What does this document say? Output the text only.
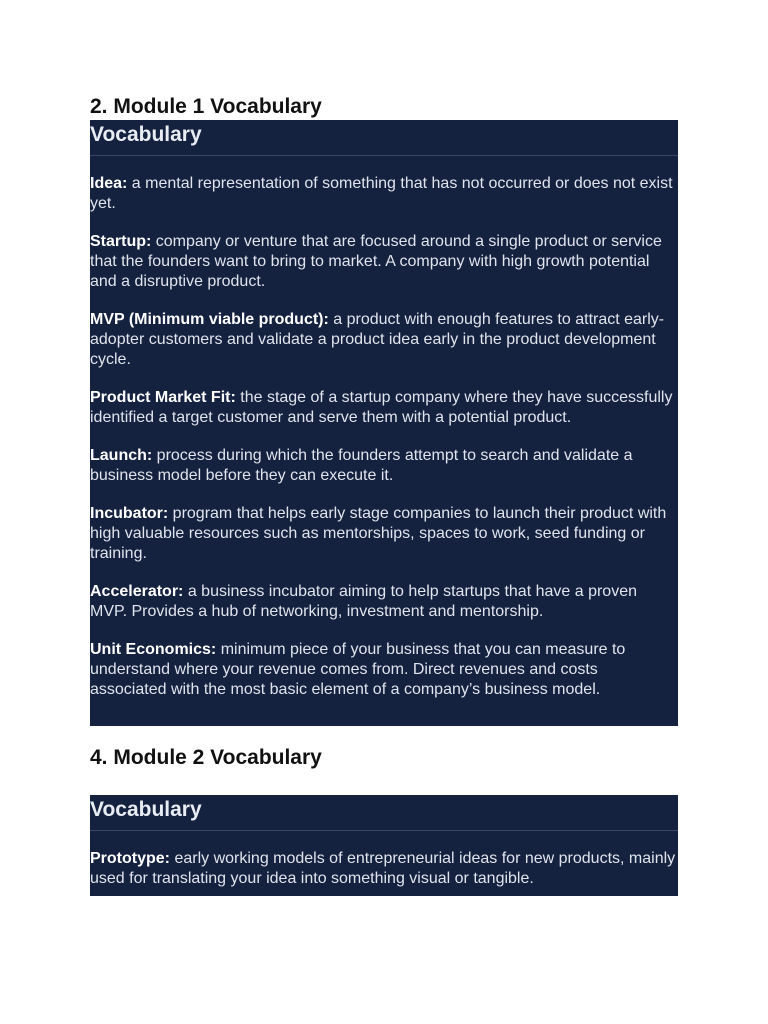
2. Module 1 Vocabulary
Vocabulary
Idea: a mental representation of something that has not occurred or does not exist yet.
Startup: company or venture that are focused around a single product or service that the founders want to bring to market. A company with high growth potential and a disruptive product.
MVP (Minimum viable product): a product with enough features to attract early-adopter customers and validate a product idea early in the product development cycle.
Product Market Fit: the stage of a startup company where they have successfully identified a target customer and serve them with a potential product.
Launch: process during which the founders attempt to search and validate a business model before they can execute it.
Incubator: program that helps early stage companies to launch their product with high valuable resources such as mentorships, spaces to work, seed funding or training.
Accelerator: a business incubator aiming to help startups that have a proven MVP. Provides a hub of networking, investment and mentorship.
Unit Economics: minimum piece of your business that you can measure to understand where your revenue comes from. Direct revenues and costs associated with the most basic element of a company’s business model.
4. Module 2 Vocabulary
Vocabulary
Prototype: early working models of entrepreneurial ideas for new products, mainly used for translating your idea into something visual or tangible.
